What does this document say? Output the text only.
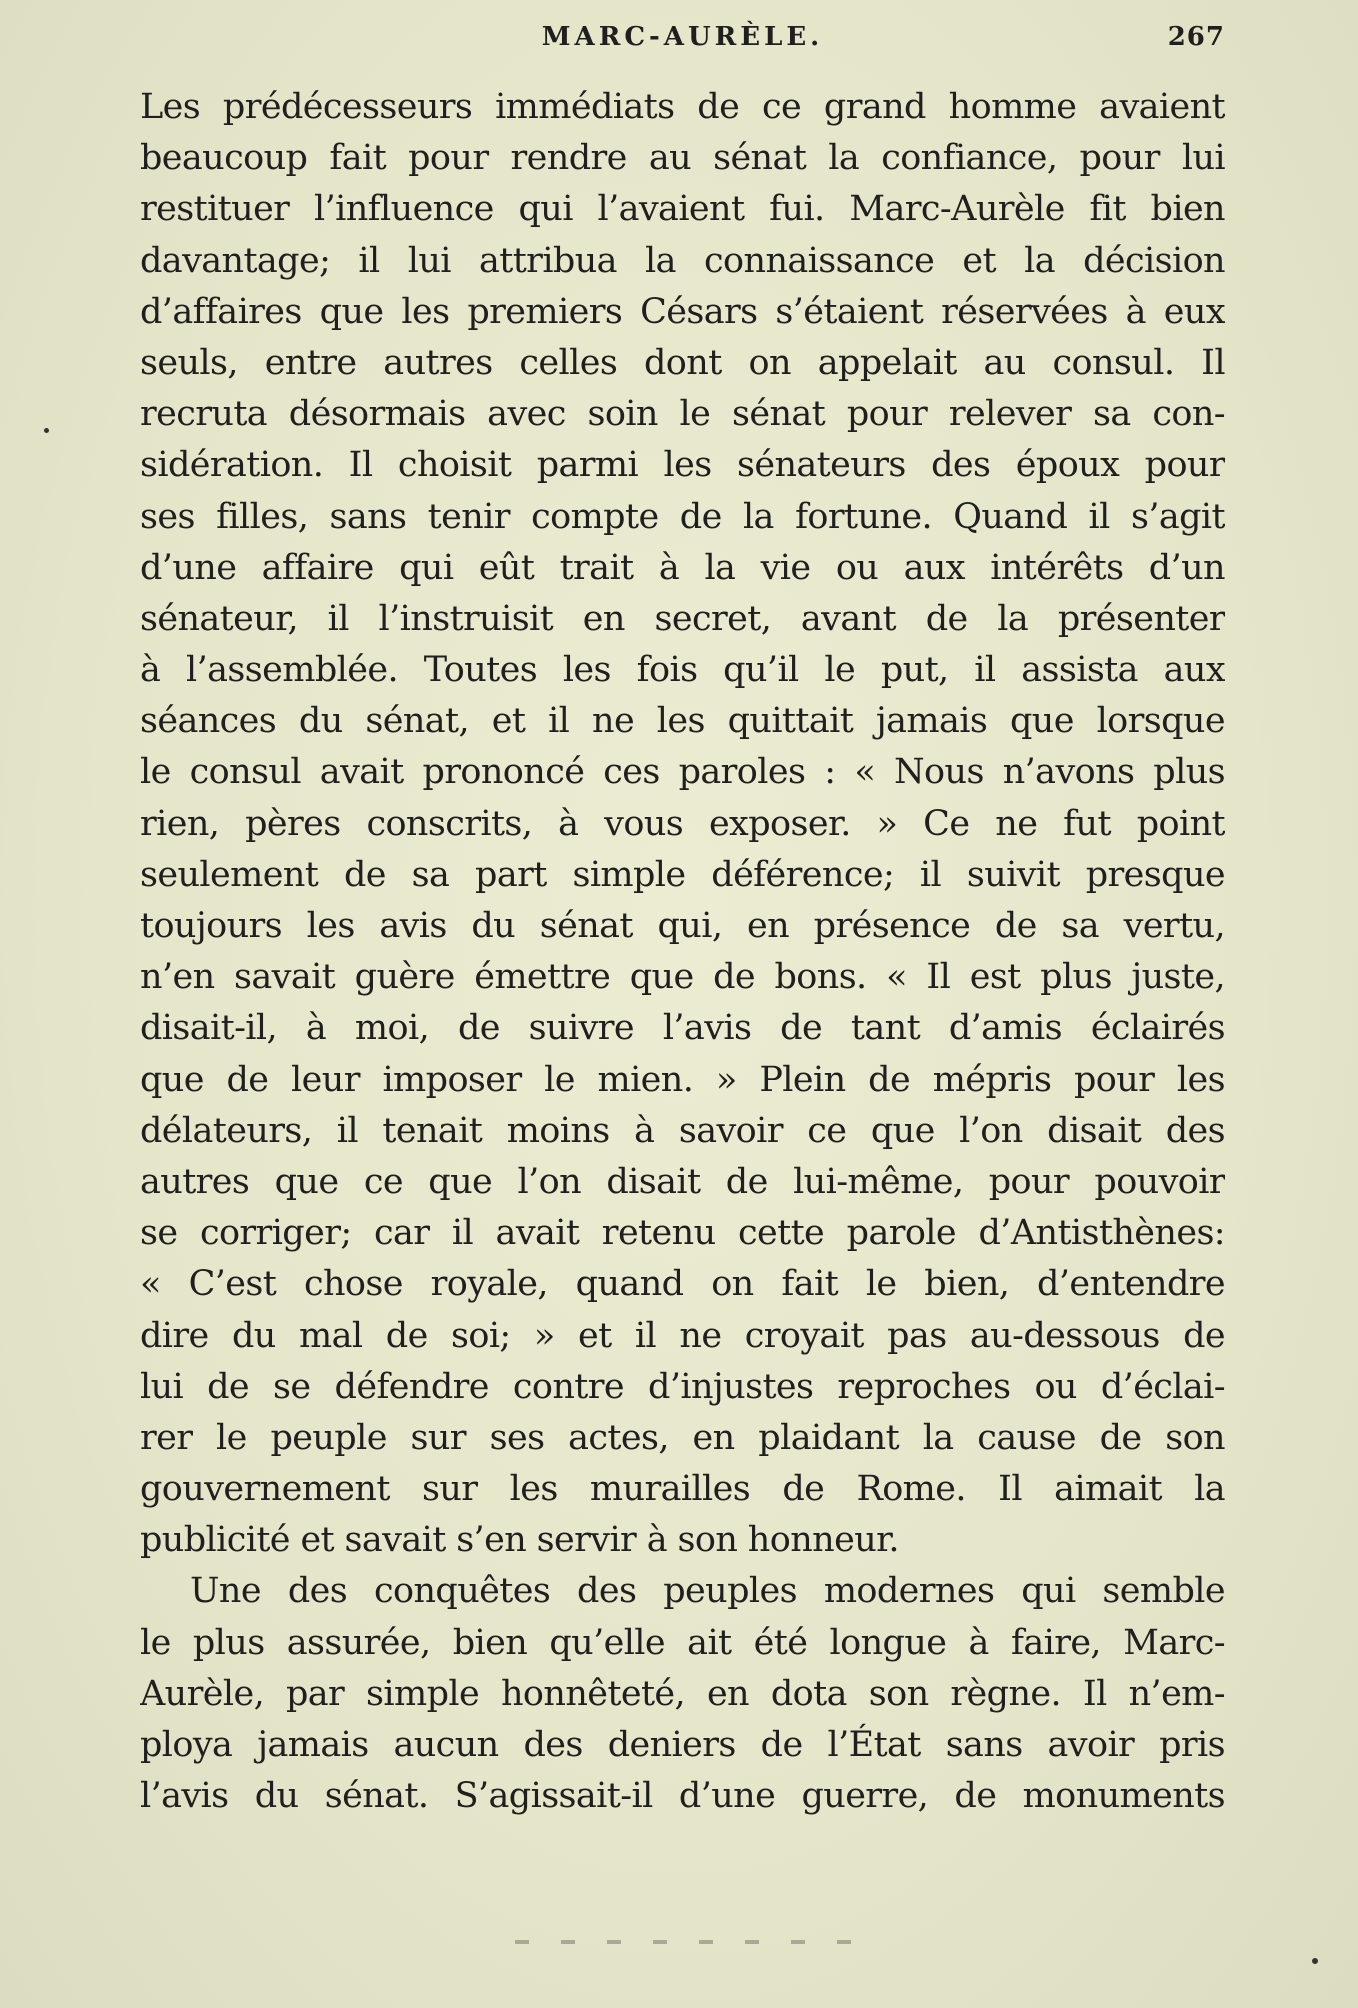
MARC-AURÈLE.	267
Les prédécesseurs immédiats de ce grand homme avaient
beaucoup fait pour rendre au sénat la confiance, pour lui
restituer l’influence qui l’avaient fui. Marc-Aurèle fit bien
davantage; il lui attribua la connaissance et la décision
d’affaires que les premiers Césars s’étaient réservées à eux
seuls, entre autres celles dont on appelait au consul. Il
recruta désormais avec soin le sénat pour relever sa con-
sidération. Il choisit parmi les sénateurs des époux pour
ses filles, sans tenir compte de la fortune. Quand il s’agit
d’une affaire qui eût trait à la vie ou aux intérêts d’un
sénateur, il l’instruisit en secret, avant de la présenter
à l’assemblée. Toutes les fois qu’il le put, il assista aux
séances du sénat, et il ne les quittait jamais que lorsque
le consul avait prononcé ces paroles : « Nous n’avons plus
rien, pères conscrits, à vous exposer. » Ce ne fut point
seulement de sa part simple déférence; il suivit presque
toujours les avis du sénat qui, en présence de sa vertu,
n’en savait guère émettre que de bons. « Il est plus juste,
disait-il, à moi, de suivre l’avis de tant d’amis éclairés
que de leur imposer le mien. » Plein de mépris pour les
délateurs, il tenait moins à savoir ce que l’on disait des
autres que ce que l’on disait de lui-même, pour pouvoir
se corriger; car il avait retenu cette parole d’Antisthènes:
« C’est chose royale, quand on fait le bien, d’entendre
dire du mal de soi; » et il ne croyait pas au-dessous de
lui de se défendre contre d’injustes reproches ou d’éclai-
rer le peuple sur ses actes, en plaidant la cause de son
gouvernement sur les murailles de Rome. Il aimait la
publicité et savait s’en servir à son honneur.
Une des conquêtes des peuples modernes qui semble
le plus assurée, bien qu’elle ait été longue à faire, Marc-
Aurèle, par simple honnêteté, en dota son règne. Il n’em-
ploya jamais aucun des deniers de l’État sans avoir pris
l’avis du sénat. S’agissait-il d’une guerre, de monuments
